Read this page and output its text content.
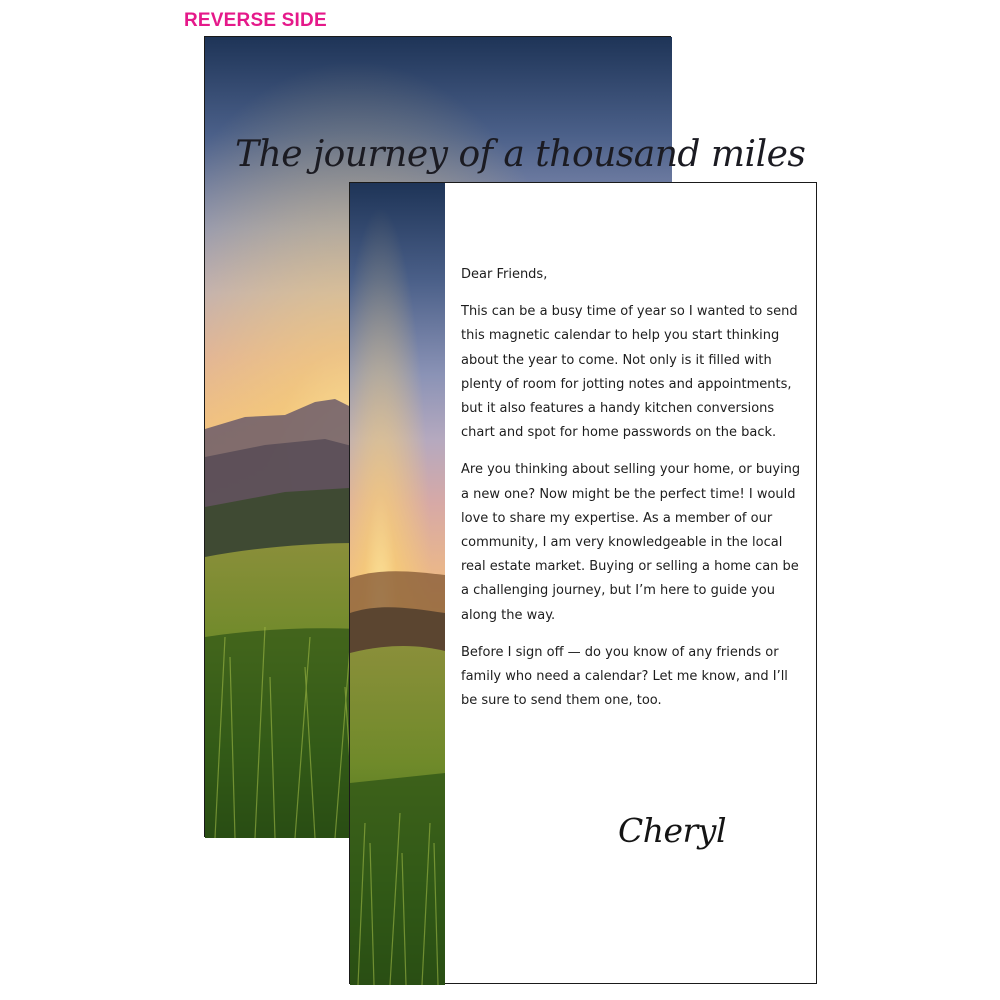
REVERSE SIDE
The journey of a thousand miles

Dear Friends,

This can be a busy time of year so I wanted to send this magnetic calendar to help you start thinking about the year to come. Not only is it filled with plenty of room for jotting notes and appointments, but it also features a handy kitchen conversions chart and spot for home passwords on the back.

Are you thinking about selling your home, or buying a new one? Now might be the perfect time! I would love to share my expertise. As a member of our community, I am very knowledgeable in the local real estate market. Buying or selling a home can be a challenging journey, but I’m here to guide you along the way.

Before I sign off — do you know of any friends or family who need a calendar? Let me know, and I’ll be sure to send them one, too.

Cheryl
